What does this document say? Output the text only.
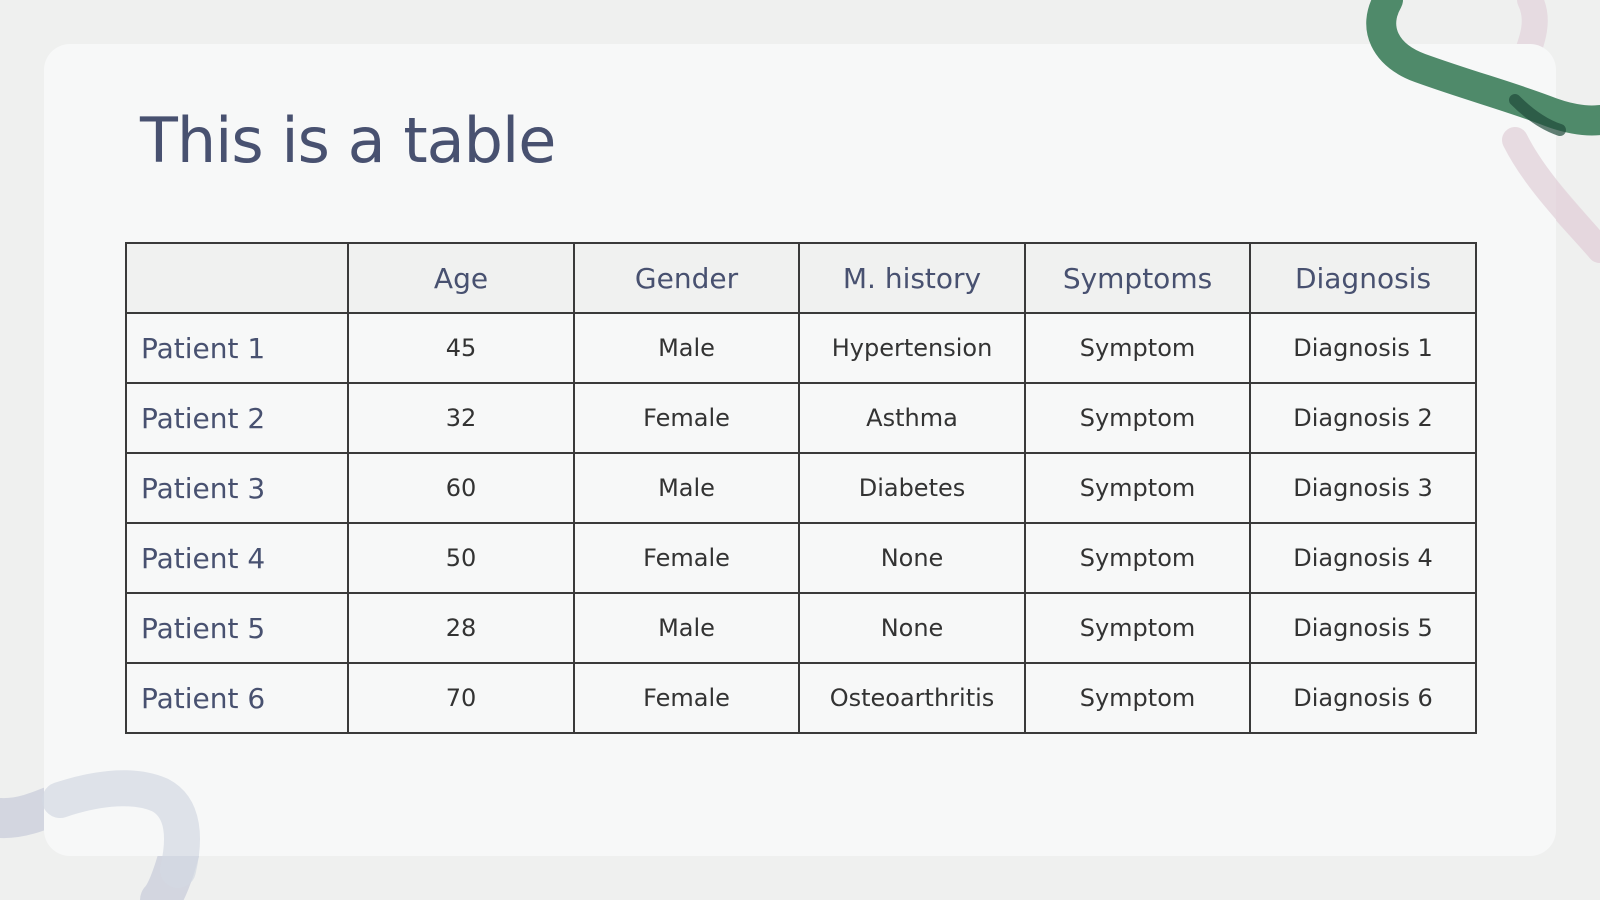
This is a table
	Age	Gender	M. history	Symptoms	Diagnosis
Patient 1	45	Male	Hypertension	Symptom	Diagnosis 1
Patient 2	32	Female	Asthma	Symptom	Diagnosis 2
Patient 3	60	Male	Diabetes	Symptom	Diagnosis 3
Patient 4	50	Female	None	Symptom	Diagnosis 4
Patient 5	28	Male	None	Symptom	Diagnosis 5
Patient 6	70	Female	Osteoarthritis	Symptom	Diagnosis 6
